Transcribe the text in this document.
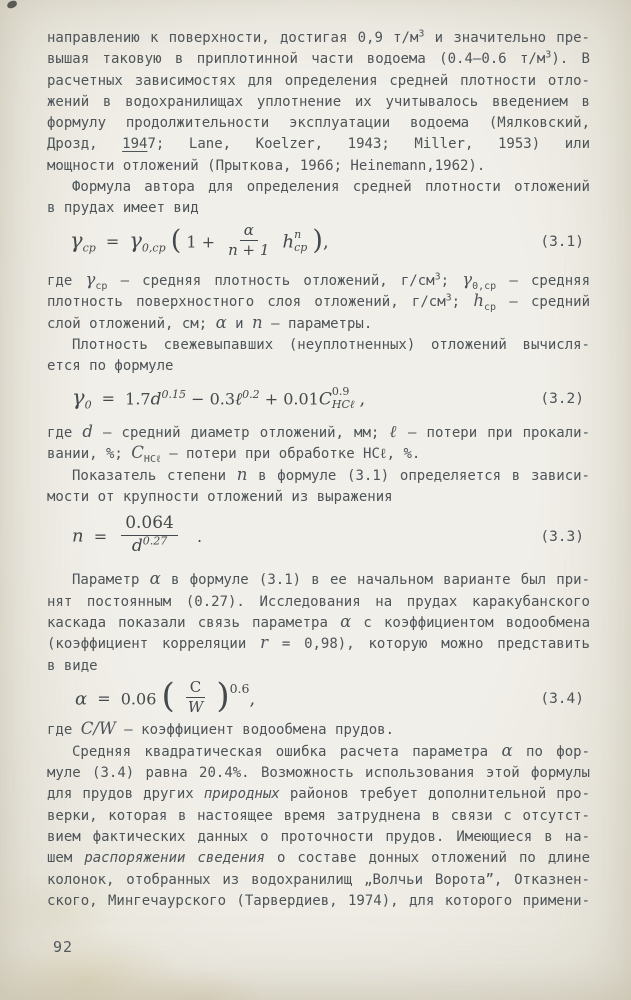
направлению к поверхности, достигая 0,9 $т/м^3$ и значительно пре-
вышая таковую в приплотинной части водоема (0.4–0.6 $т/м^3$). В
расчетных зависимостях для определения средней плотности отло-
жений в водохранилищах уплотнение их учитывалось введением в
формулу продолжительности эксплуатации водоема (Мялковский,
Дрозд, 1947; Lane, Koelzer, 1943; Miller, 1953) или
мощности отложений (Прыткова, 1966; Heinemann,1962).
Формула автора для определения средней плотности отложений
в прудах имеет вид
$\gamma_{ср} = \gamma_{0,ср}$ ( $1 + \frac{\alpha}{n + 1}$ h n
ср ),	(3.1)
где $\gamma_{ср}$ – средняя плотность отложений, $г/см^3$; $\gamma_{0,ср}$ – средняя
плотность поверхностного слоя отложений, $г/см^3$; $h_{ср}$ – средний
слой отложений, см; α и n – параметры.
Плотность свежевыпавших (неуплотненных) отложений вычисля-
ется по формуле
$\gamma_0 = 1.7d^{0.15}$ − 0.3ℓ$^{0.2}$ + 0.01C 0.9
HCℓ ,	(3.2)
где d – средний диаметр отложений, мм; ℓ – потери при прокали-
вании, %; $C_{HC\ell}$ – потери при обработке HCℓ, %.
Показатель степени n в формуле (3.1) определяется в зависи-
мости от крупности отложений из выражения
$n = \frac{0.064}{d^{0.27}}$ .	(3.3)
Параметр α в формуле (3.1) в ее начальном варианте был при-
нят постоянным (0.27). Исследования на прудах каракубанского
каскада показали связь параметра α с коэффициентом водообмена
(коэффициент корреляции r = 0,98), которую можно представить
в виде
α = 0.06 ( $\frac{C}{W} )^{0.6}$,	(3.4)
где C/W – коэффициент водообмена прудов.
Средняя квадратическая ошибка расчета параметра α по фор-
муле (3.4) равна 20.4%. Возможность использования этой формулы
для прудов других природных районов требует дополнительной про-
верки, которая в настоящее время затруднена в связи с отсутст-
вием фактических данных о проточности прудов. Имеющиеся в на-
шем распоряжении сведения о составе донных отложений по длине
колонок, отобранных из водохранилищ „Волчьи Ворота”, Отказнен-
ского, Мингечаурского (Тарвердиев, 1974), для которого примени-
92
